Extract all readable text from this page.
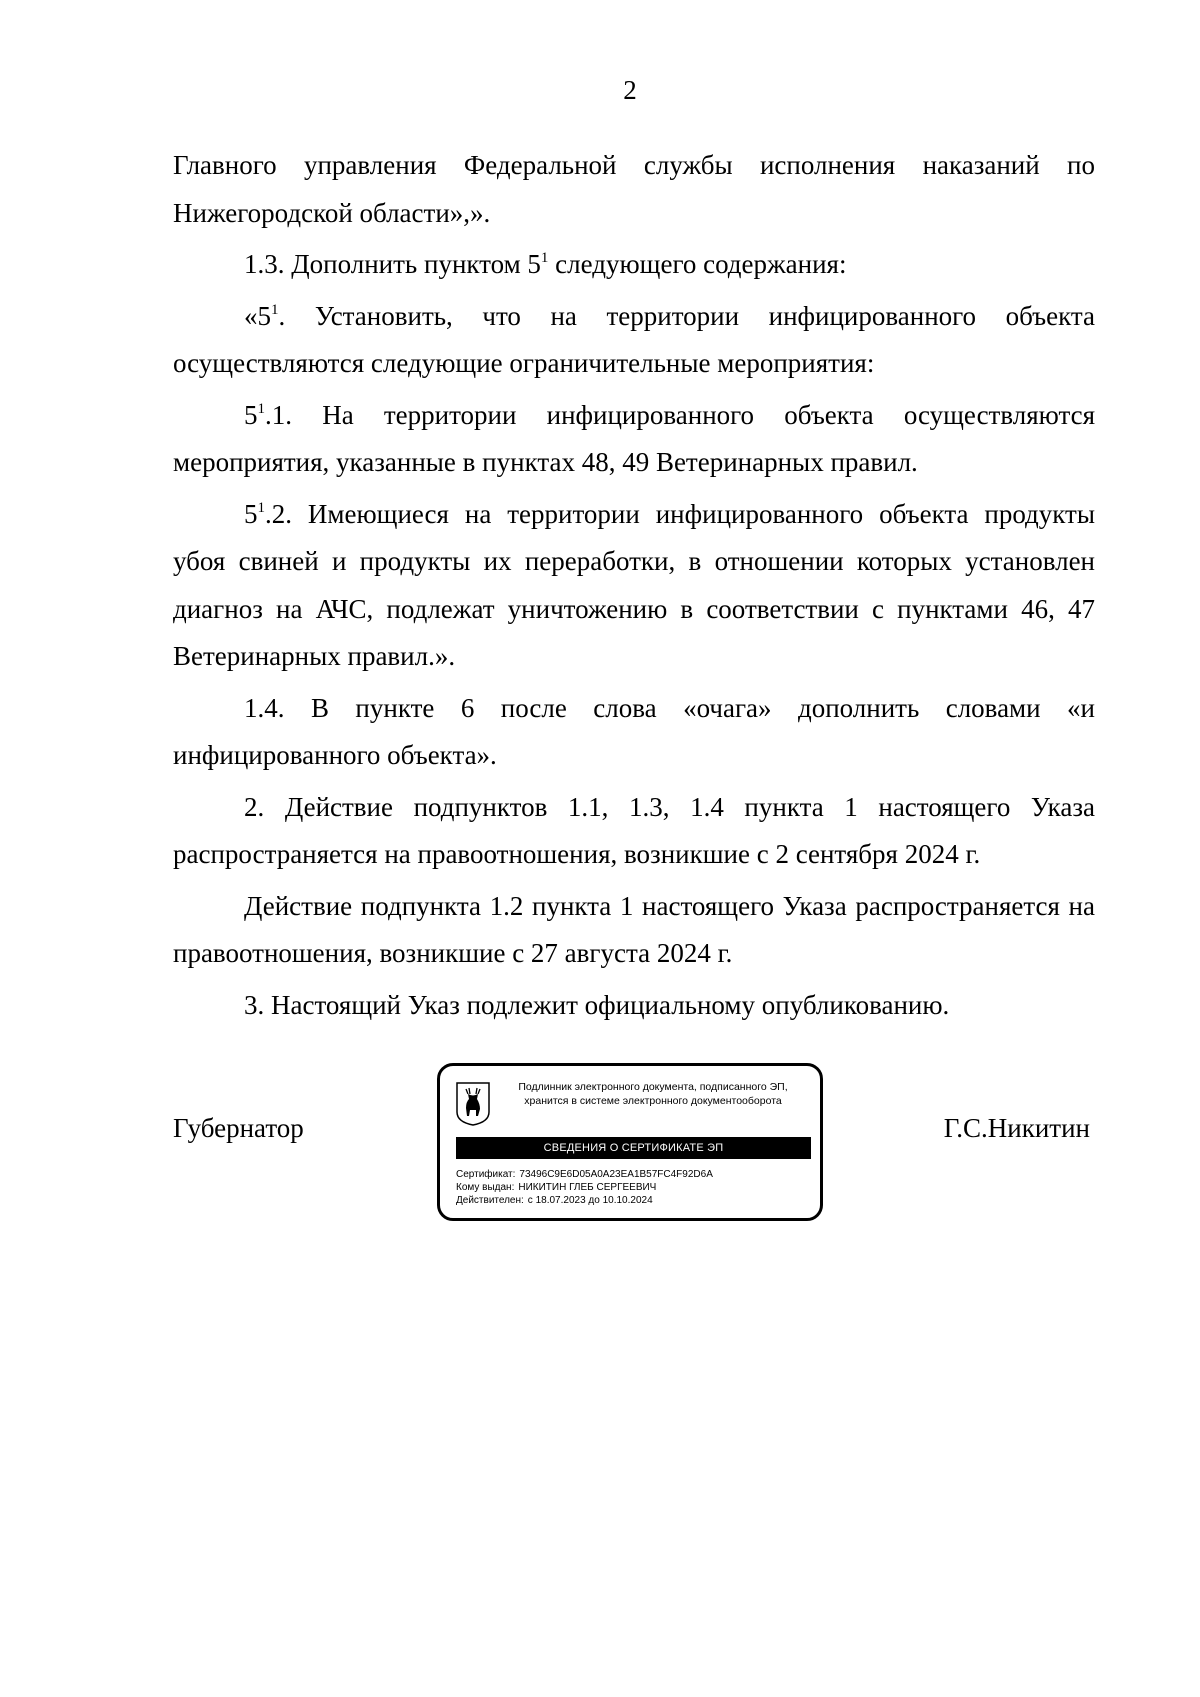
2

Главного управления Федеральной службы исполнения наказаний по Нижегородской области»,».

1.3. Дополнить пунктом $5^1$ следующего содержания:

«$5^1$. Установить, что на территории инфицированного объекта осуществляются следующие ограничительные мероприятия:

$5^1.1$. На территории инфицированного объекта осуществляются мероприятия, указанные в пунктах 48, 49 Ветеринарных правил.

$5^1.2$. Имеющиеся на территории инфицированного объекта продукты убоя свиней и продукты их переработки, в отношении которых установлен диагноз на АЧС, подлежат уничтожению в соответствии с пунктами 46, 47 Ветеринарных правил.».

1.4. В пункте 6 после слова «очага» дополнить словами «и инфицированного объекта».

2. Действие подпунктов 1.1, 1.3, 1.4 пункта 1 настоящего Указа распространяется на правоотношения, возникшие с 2 сентября 2024 г.

Действие подпункта 1.2 пункта 1 настоящего Указа распространяется на правоотношения, возникшие с 27 августа 2024 г.

3. Настоящий Указ подлежит официальному опубликованию.

Губернатор	Г.С.Никитин
Подлинник электронного документа, подписанного ЭП,
хранится в системе электронного документооборота
СВЕДЕНИЯ О СЕРТИФИКАТЕ ЭП
Сертификат: 73496C9E6D05A0A23EA1B57FC4F92D6A
Кому выдан: НИКИТИН ГЛЕБ СЕРГЕЕВИЧ
Действителен: с 18.07.2023 до 10.10.2024
